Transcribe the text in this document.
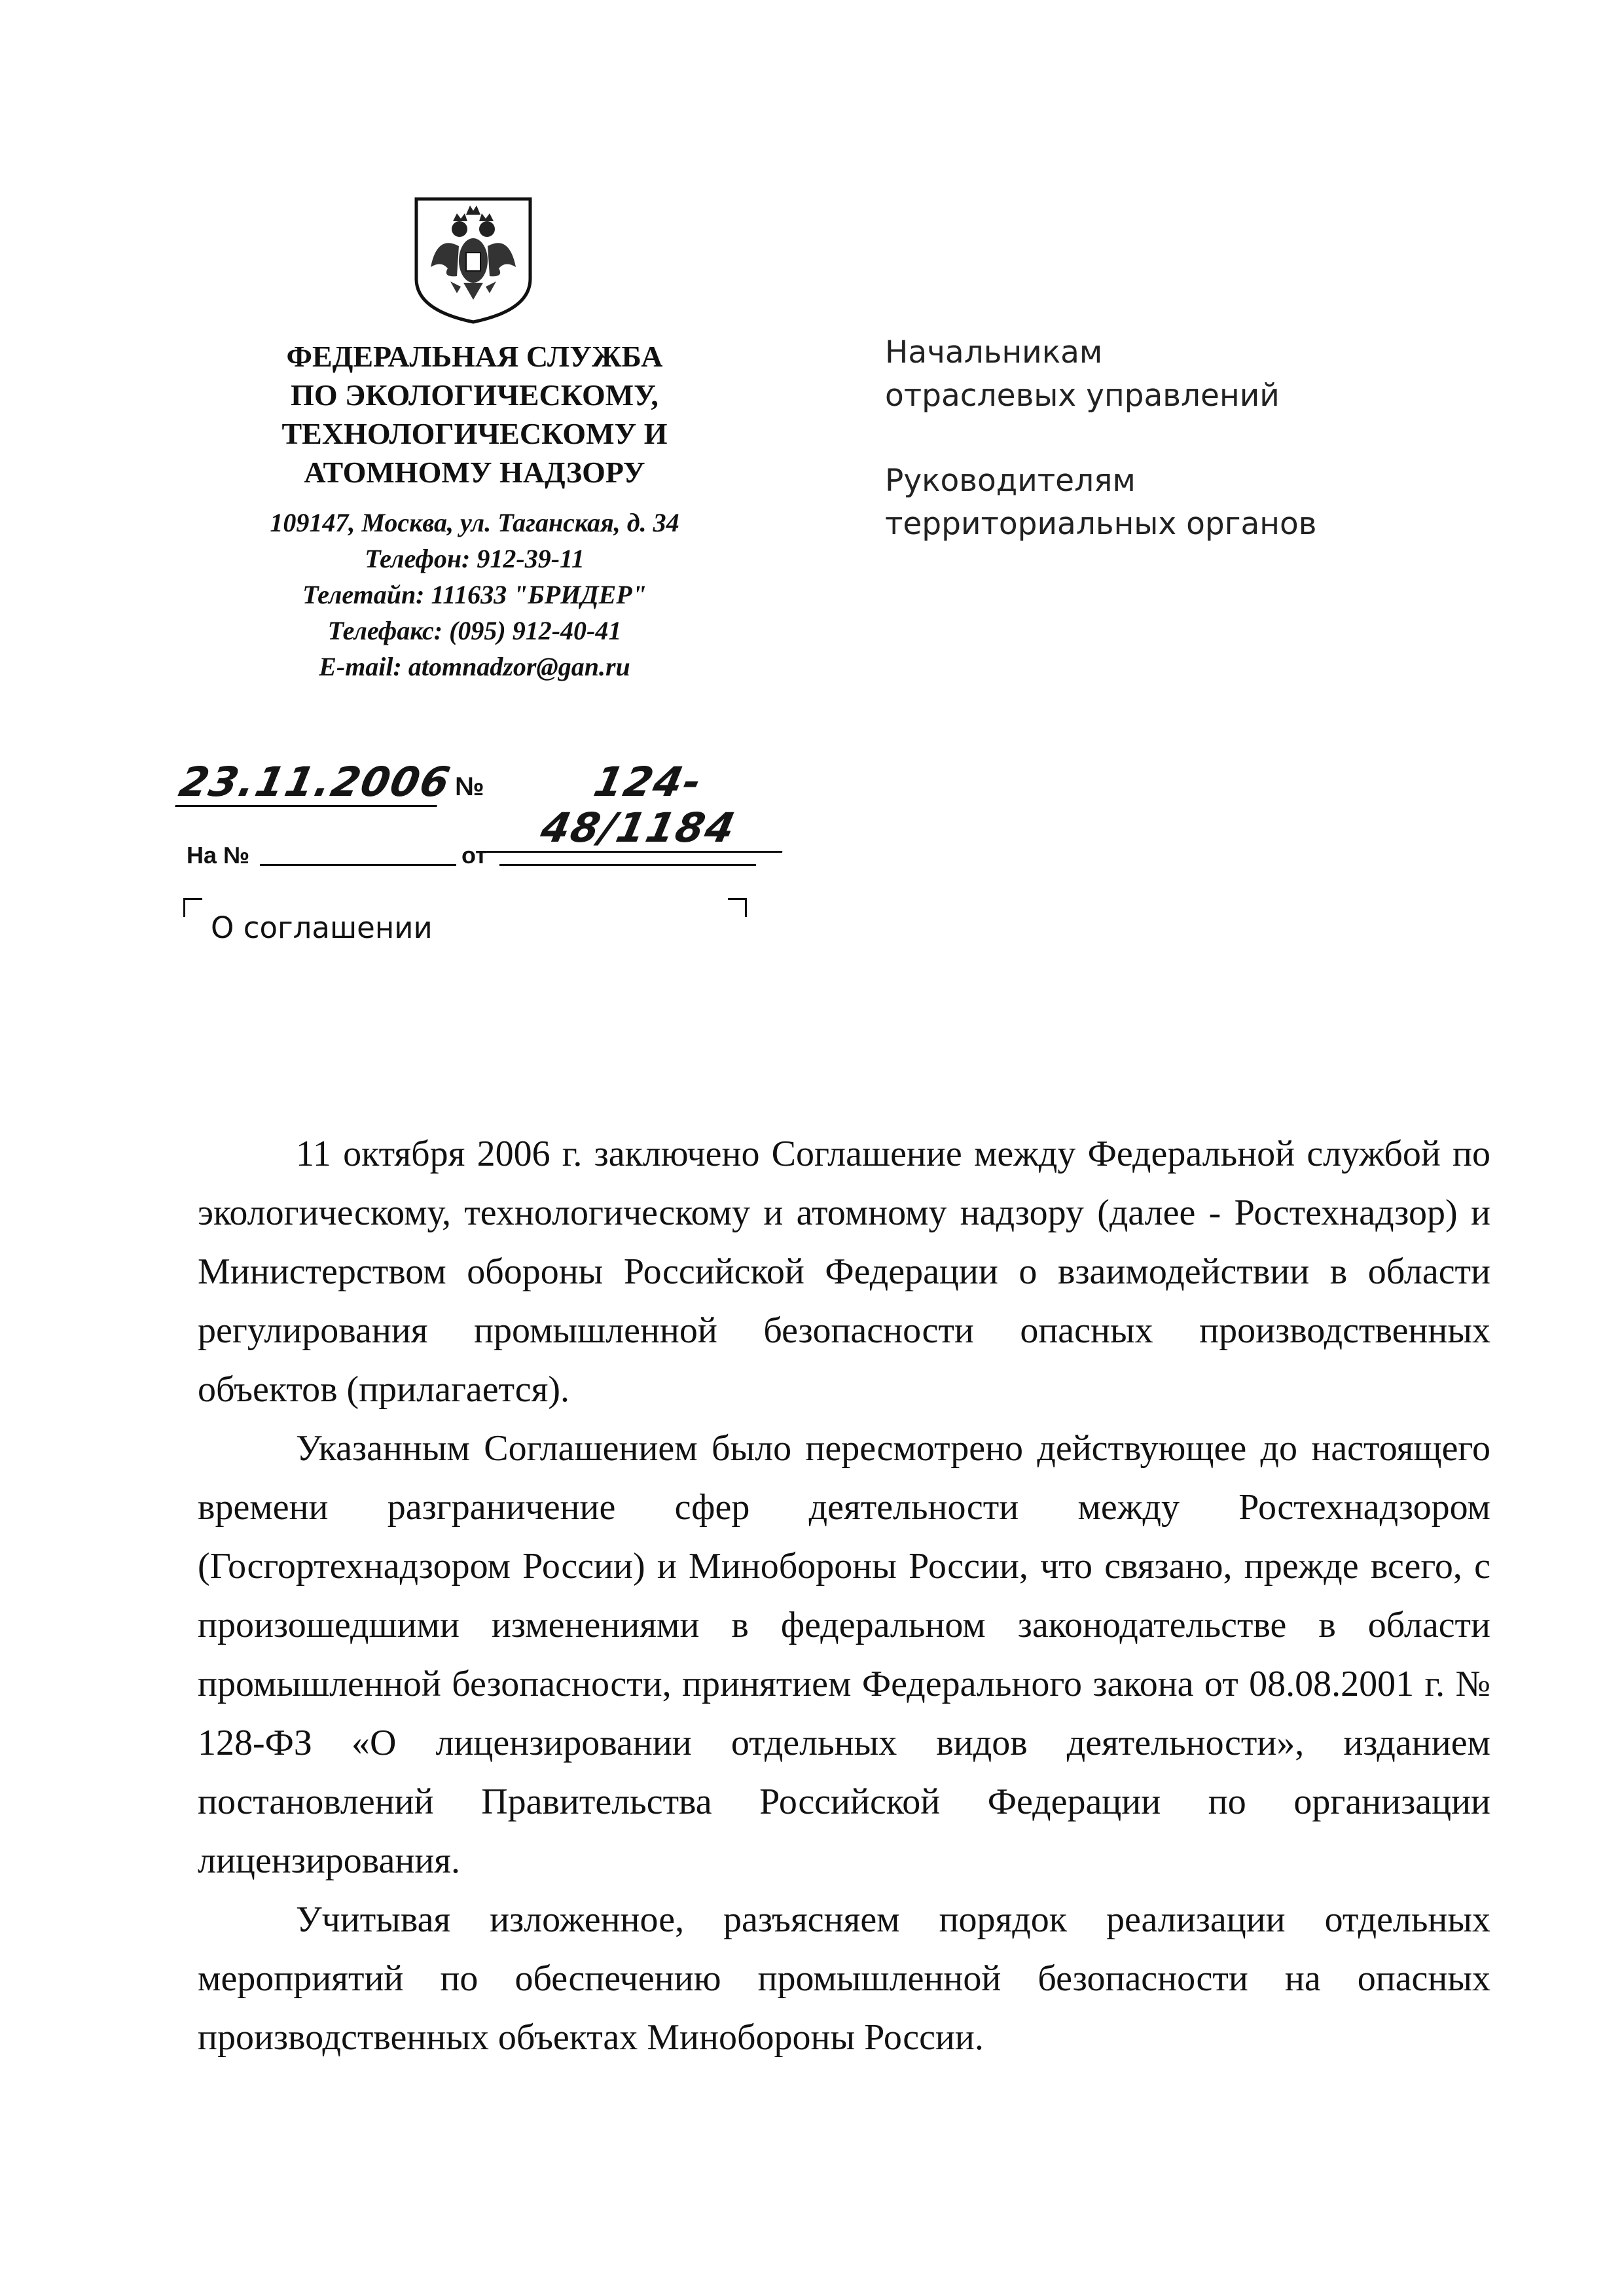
ФЕДЕРАЛЬНАЯ СЛУЖБА
ПО ЭКОЛОГИЧЕСКОМУ,
ТЕХНОЛОГИЧЕСКОМУ И
АТОМНОМУ НАДЗОРУ
109147, Москва, ул. Таганская, д. 34
Телефон: 912-39-11
Телетайп: 111633 "БРИДЕР"
Телефакс: (095) 912-40-41
E-mail: atomnadzor@gan.ru
Начальникам
отраслевых управлений
Руководителям
территориальных органов
23.11.2006 №	124-48/1184
На №	от
О соглашении

11 октября 2006 г. заключено Соглашение между Федеральной службой по экологическому, технологическому и атомному надзору (далее - Ростехнадзор) и Министерством обороны Российской Федерации о взаимодействии в области регулирования промышленной безопасности опасных производственных объектов (прилагается).

Указанным Соглашением было пересмотрено действующее до настоящего времени разграничение сфер деятельности между Ростехнадзором (Госгортехнадзором России) и Минобороны России, что связано, прежде всего, с произошедшими изменениями в федеральном законодательстве в области промышленной безопасности, принятием Федерального закона от 08.08.2001 г. № 128-ФЗ «О лицензировании отдельных видов деятельности», изданием постановлений Правительства Российской Федерации по организации лицензирования.

Учитывая изложенное, разъясняем порядок реализации отдельных мероприятий по обеспечению промышленной безопасности на опасных производственных объектах Минобороны России.
